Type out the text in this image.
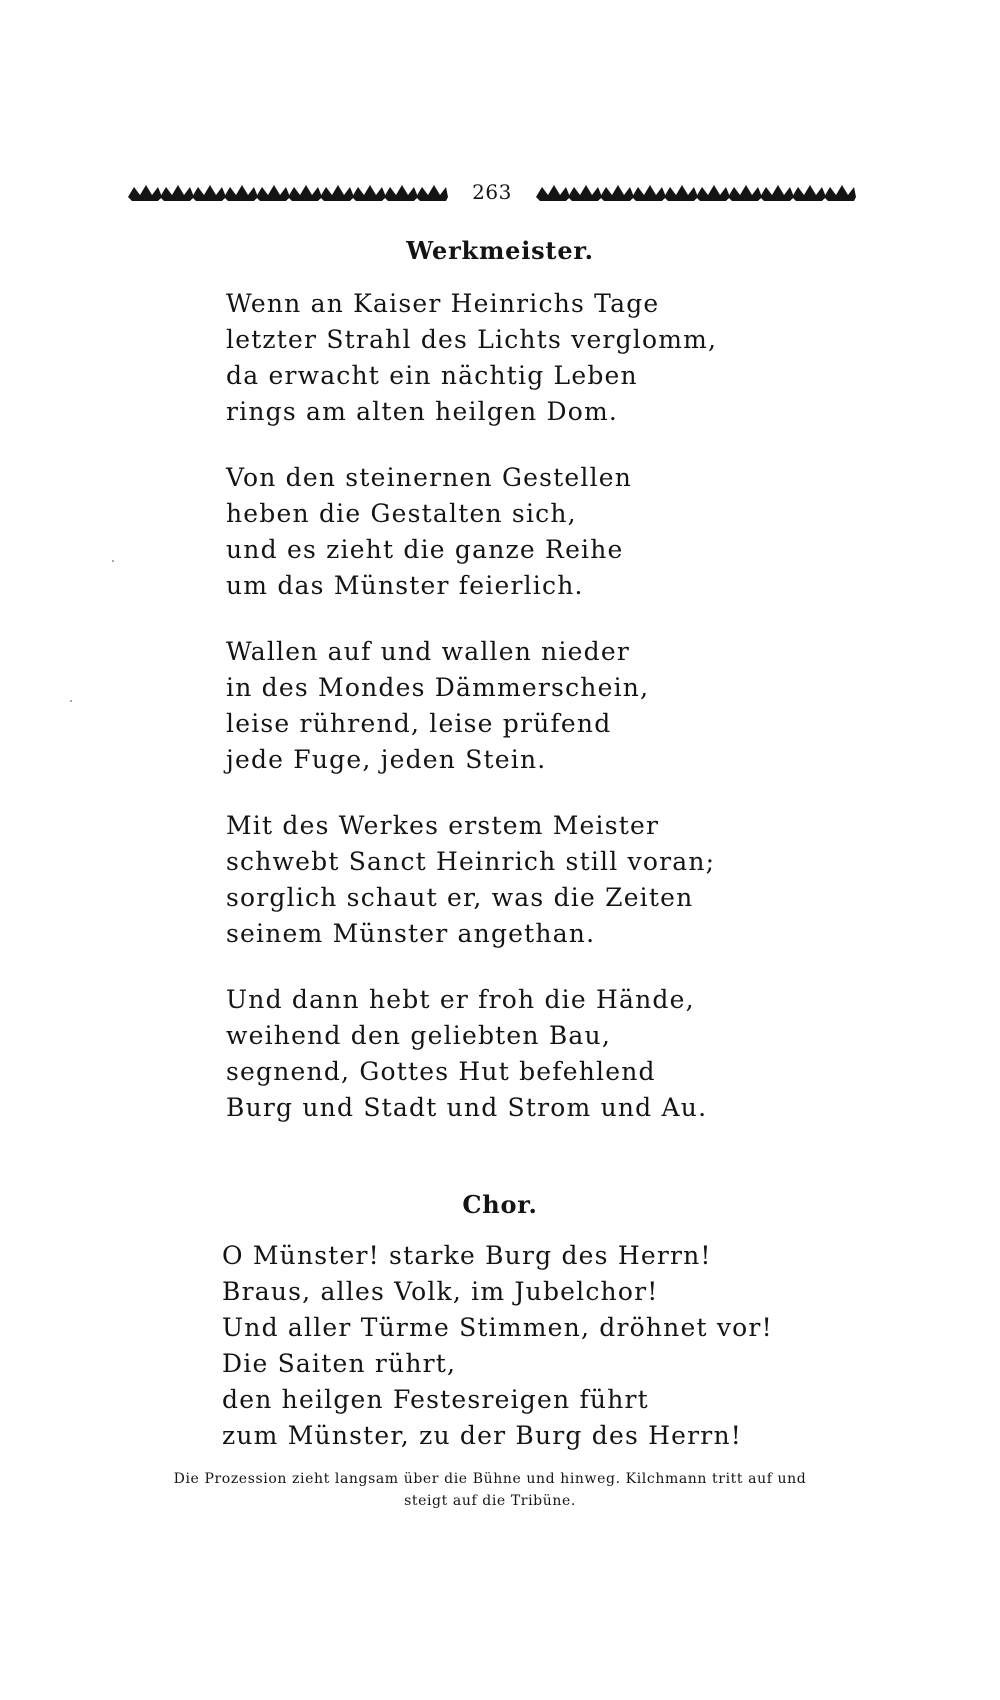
263
Werkmeister.
Wenn an Kaiser Heinrichs Tage
letzter Strahl des Lichts verglomm,
da erwacht ein nächtig Leben
rings am alten heilgen Dom.
Von den steinernen Gestellen
heben die Gestalten sich,
und es zieht die ganze Reihe
um das Münster feierlich.
Wallen auf und wallen nieder
in des Mondes Dämmerschein,
leise rührend, leise prüfend
jede Fuge, jeden Stein.
Mit des Werkes erstem Meister
schwebt Sanct Heinrich still voran;
sorglich schaut er, was die Zeiten
seinem Münster angethan.
Und dann hebt er froh die Hände,
weihend den geliebten Bau,
segnend, Gottes Hut befehlend
Burg und Stadt und Strom und Au.
Chor.
O Münster! starke Burg des Herrn!
Braus, alles Volk, im Jubelchor!
Und aller Türme Stimmen, dröhnet vor!
Die Saiten rührt,
den heilgen Festesreigen führt
zum Münster, zu der Burg des Herrn!
Die Prozession zieht langsam über die Bühne und hinweg. Kilchmann tritt auf und
steigt auf die Tribüne.
